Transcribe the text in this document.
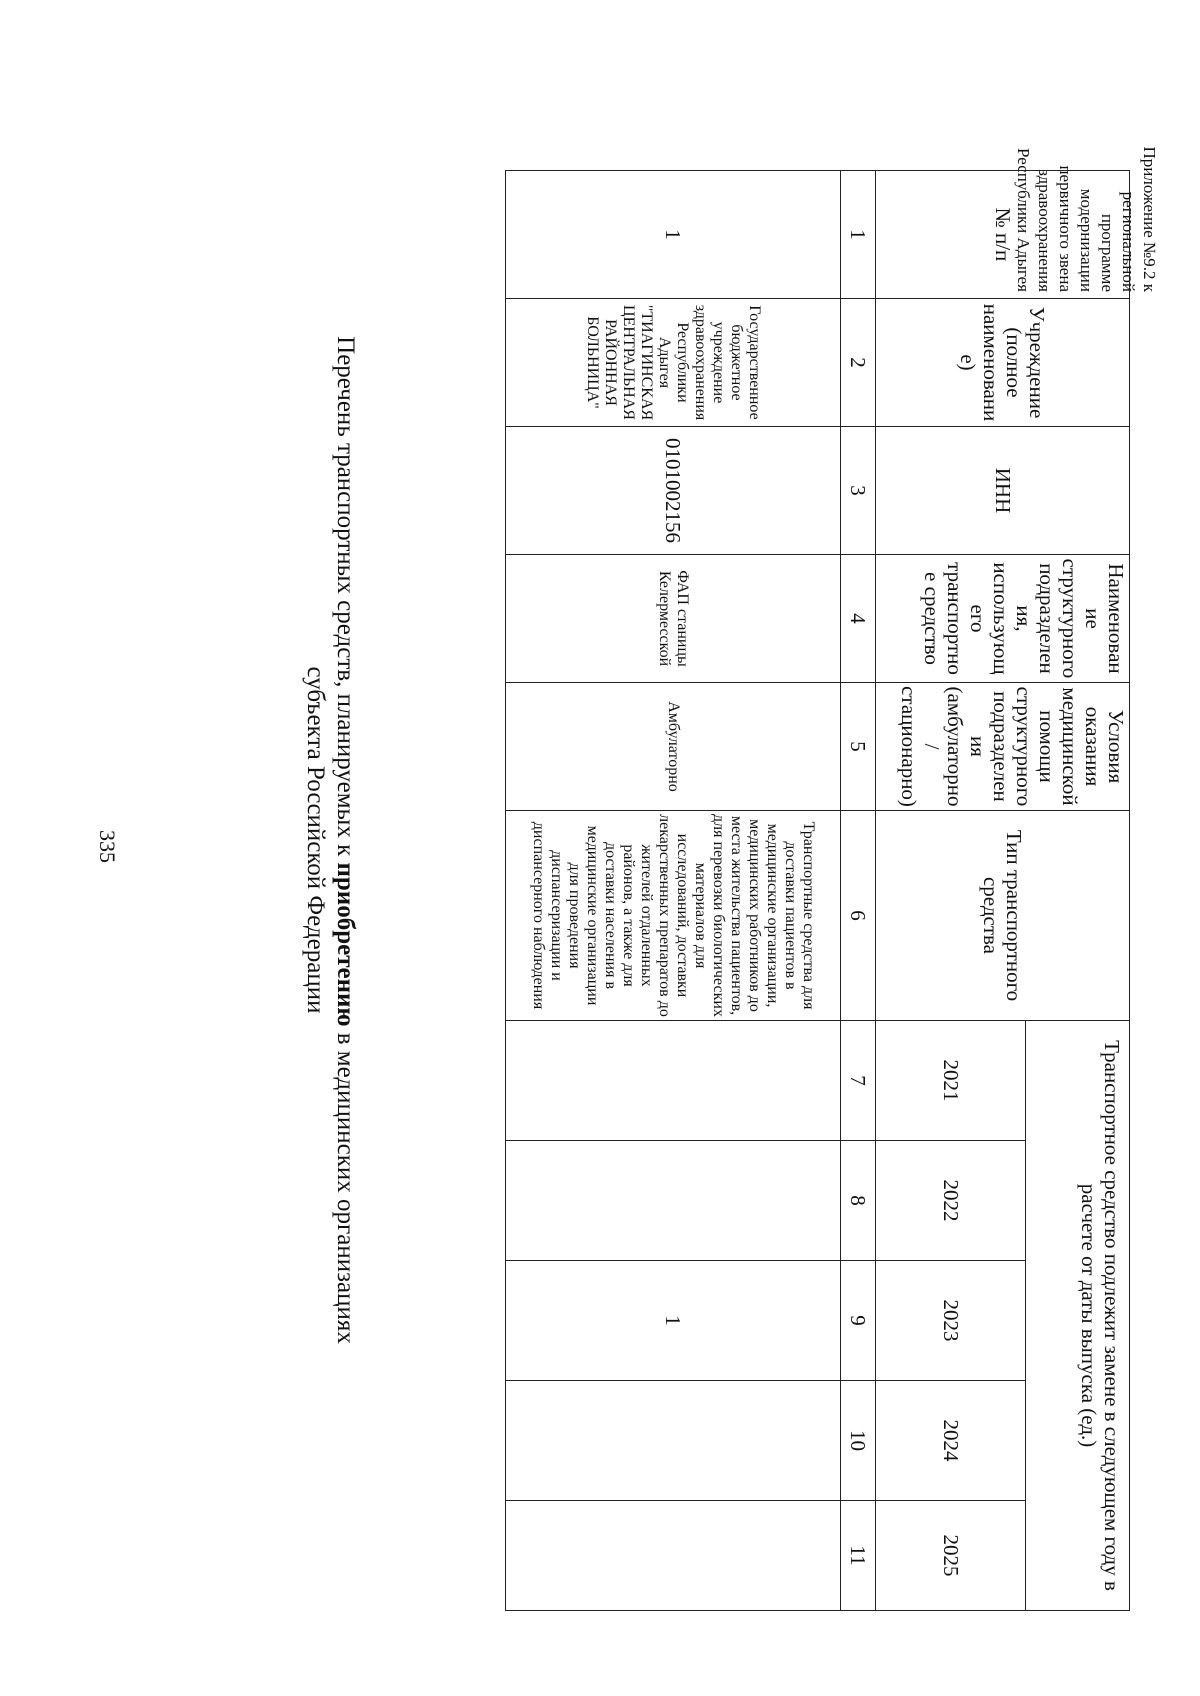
Приложение №9.2 к
региональной
программе
модернизации
первичного звена
здравоохранения
Республики Адыгея
335	Перечень транспортных средств, планируемых к приобретению в медицинских организациях
субъекта Российской Федерации
№ п/п	Учреждение (полное наименование)	ИНН	Наименование структурного подразделения, использующего транспортное средство	Условия оказания медицинской помощи структурного подразделения (амбулаторно/ стационарно)	Тип транспортного средства	Транспортное средство подлежит замене в следующем году в расчете от даты выпуска (ед.)				
						2021	2022	2023	2024	2025
1	2	3	4	5	6	7	8	9	10	11
1	Государственное бюджетное учреждение здравоохранения Республики Адыгея "ТИАГИНСКАЯ ЦЕНТРАЛЬНАЯ РАЙОННАЯ БОЛЬНИЦА"	0101002156	ФАП станицы Келермесской	Амбулаторно	Транспортные средства для доставки пациентов в медицинские организации, медицинских работников до места жительства пациентов, для перевозки биологических материалов для исследований, доставки лекарственных препаратов до жителей отдаленных районов, а также для доставки населения в медицинские организации для проведения диспансеризации и диспансерного наблюдения			1		
